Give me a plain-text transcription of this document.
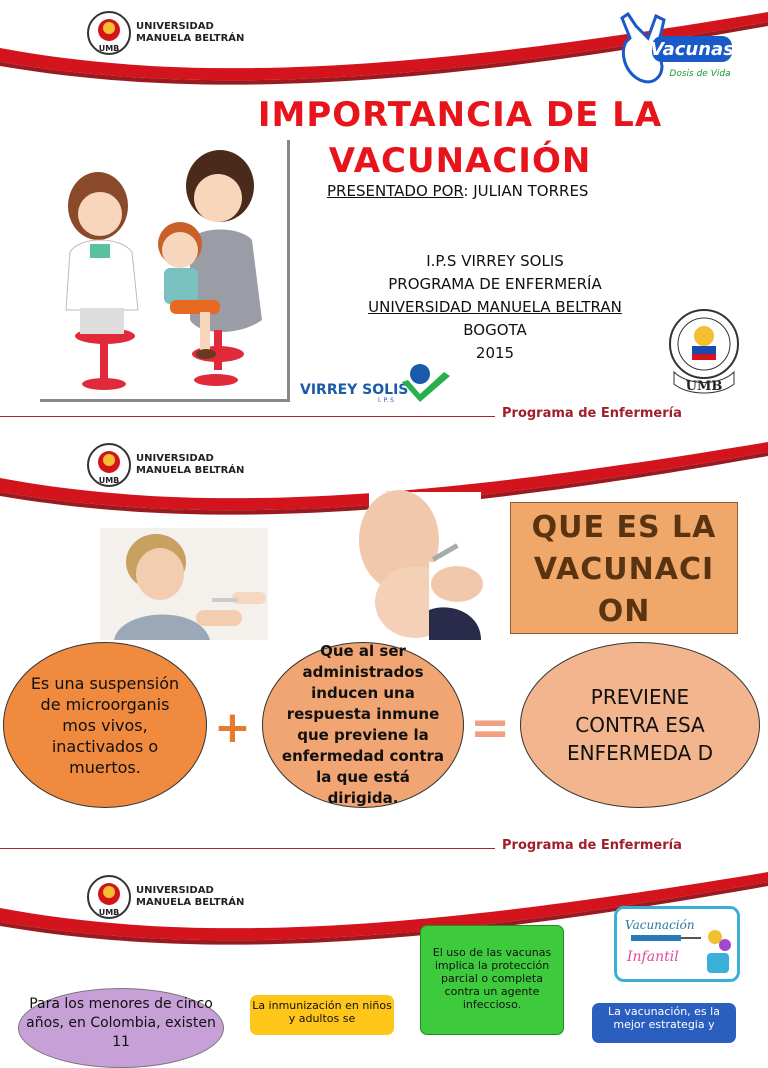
UMB
UNIVERSIDAD
MANUELA BELTRÁN
Vacunas
Dosis de Vida
IMPORTANCIA DE LA VACUNACIÓN
PRESENTADO POR: JULIAN TORRES
I.P.S VIRREY SOLIS
PROGRAMA DE ENFERMERÍA
UNIVERSIDAD MANUELA BELTRAN
BOGOTA
2015
UMB
VIRREY SOLIS
I. P. S
Programa de Enfermería
UMB
UNIVERSIDAD
MANUELA BELTRÁN
QUE ES LA VACUNACI ON
Es una suspensión de microorganis mos vivos, inactivados o muertos.
+
Que al ser administrados inducen una respuesta inmune que previene la enfermedad contra la que está dirigida.
=
PREVIENE CONTRA ESA ENFERMEDA D
Programa de Enfermería
UMB
UNIVERSIDAD
MANUELA BELTRÁN
Vacunación
Infantil
Para los menores de cinco años, en Colombia, existen 11
La inmunización en niños y adultos se
El uso de las vacunas implica la protección parcial o completa contra un agente infeccioso.
La vacunación, es la mejor estrategia y
